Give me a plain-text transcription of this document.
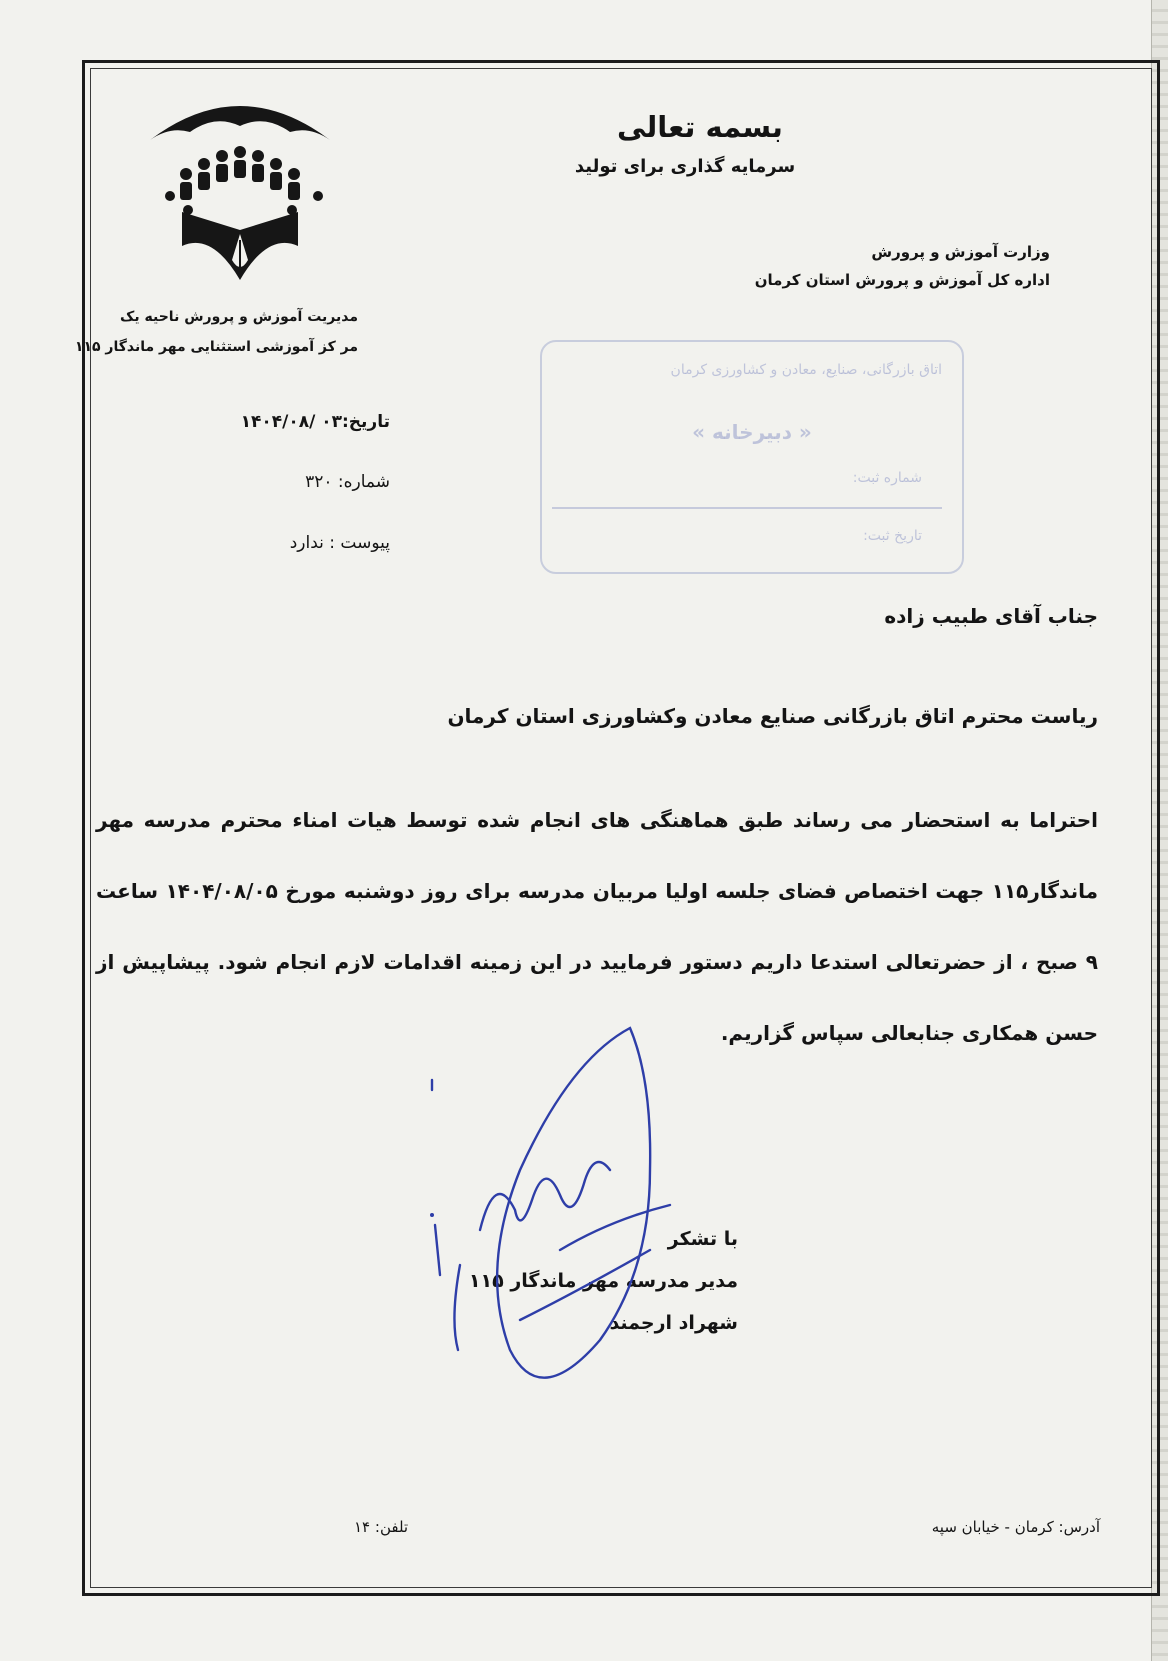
بسمه تعالی
سرمایه گذاری برای تولید
وزارت آموزش و پرورش
اداره کل آموزش و پرورش استان کرمان
مدیریت آموزش و پرورش ناحیه یک
مر کز آموزشی استثنایی مهر ماندگار ۱۱۵
تاریخ:۰۳ /۱۴۰۴/۰۸
شماره: ۳۲۰
پیوست : ندارد
اتاق بازرگانی، صنایع، معادن و کشاورزی کرمان
« دبیرخانه »
شماره ثبت:
تاریخ ثبت:
جناب آقای طبیب زاده
ریاست محترم اتاق بازرگانی صنایع معادن وکشاورزی استان کرمان
احتراما به استحضار می رساند طبق هماهنگی های انجام شده توسط هیات امناء محترم مدرسه مهر ماندگار۱۱۵ جهت اختصاص فضای جلسه اولیا مربیان مدرسه برای روز دوشنبه مورخ ۱۴۰۴/۰۸/۰۵ ساعت ۹ صبح ، از حضرتعالی استدعا داریم دستور فرمایید در این زمینه اقدامات لازم انجام شود. پیشاپیش از حسن همکاری جنابعالی سپاس گزاریم.
با تشکر
مدیر مدرسه مهر ماندگار ۱۱۵
شهراد ارجمند
آدرس: کرمان - خیابان سپه
تلفن: ۱۴
